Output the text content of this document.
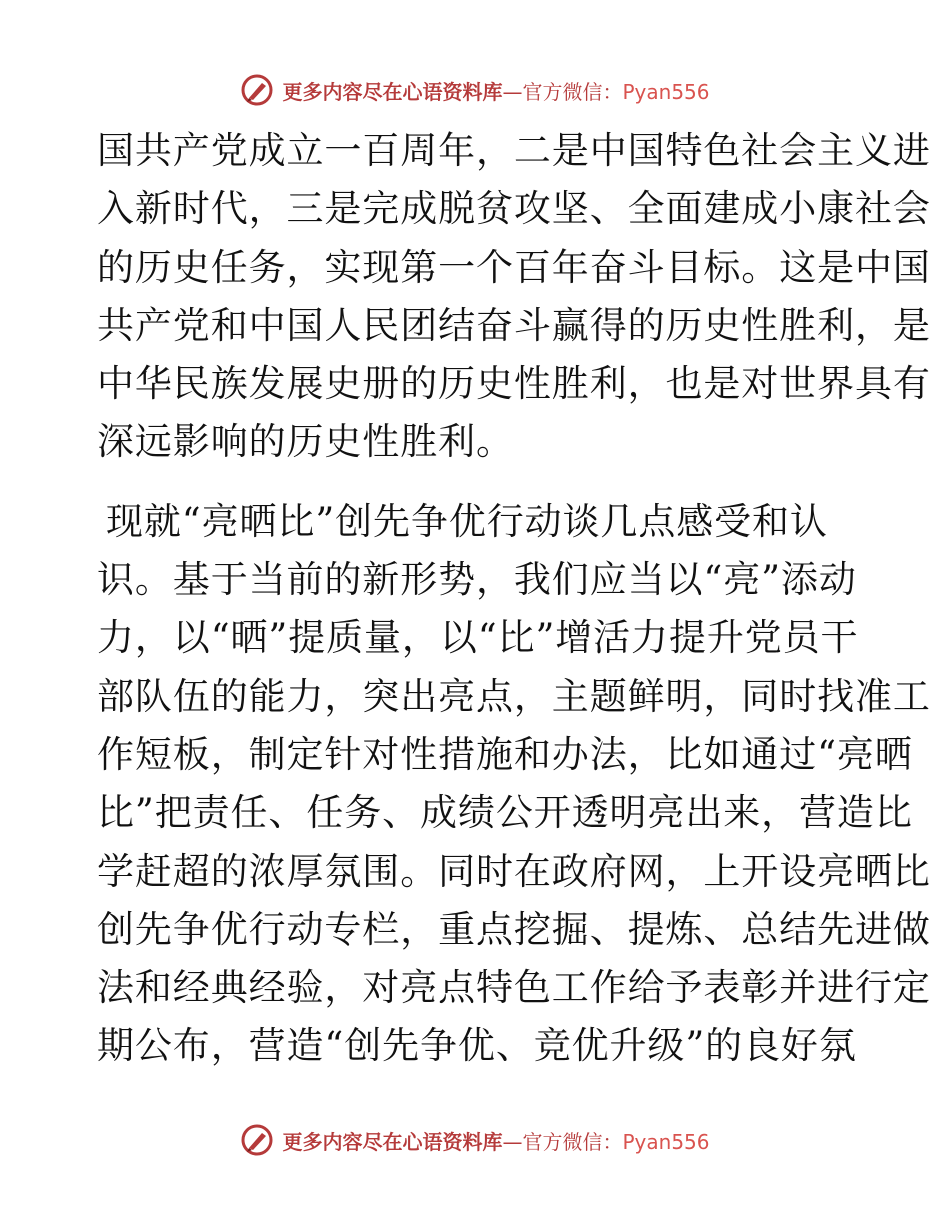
更多内容尽在心语资料库—官方微信：Pyan556
国共产党成立一百周年，二是中国特色社会主义进
入新时代，三是完成脱贫攻坚、全面建成小康社会
的历史任务，实现第一个百年奋斗目标。这是中国
共产党和中国人民团结奋斗赢得的历史性胜利，是
中华民族发展史册的历史性胜利，也是对世界具有
深远影响的历史性胜利。
现就“亮晒比”创先争优行动谈几点感受和认
识。基于当前的新形势，我们应当以“亮”添动
力，以“晒”提质量，以“比”增活力提升党员干
部队伍的能力，突出亮点，主题鲜明，同时找准工
作短板，制定针对性措施和办法，比如通过“亮晒
比”把责任、任务、成绩公开透明亮出来，营造比
学赶超的浓厚氛围。同时在政府网，上开设亮晒比
创先争优行动专栏，重点挖掘、提炼、总结先进做
法和经典经验，对亮点特色工作给予表彰并进行定
期公布，营造“创先争优、竞优升级”的良好氛
更多内容尽在心语资料库—官方微信：Pyan556
